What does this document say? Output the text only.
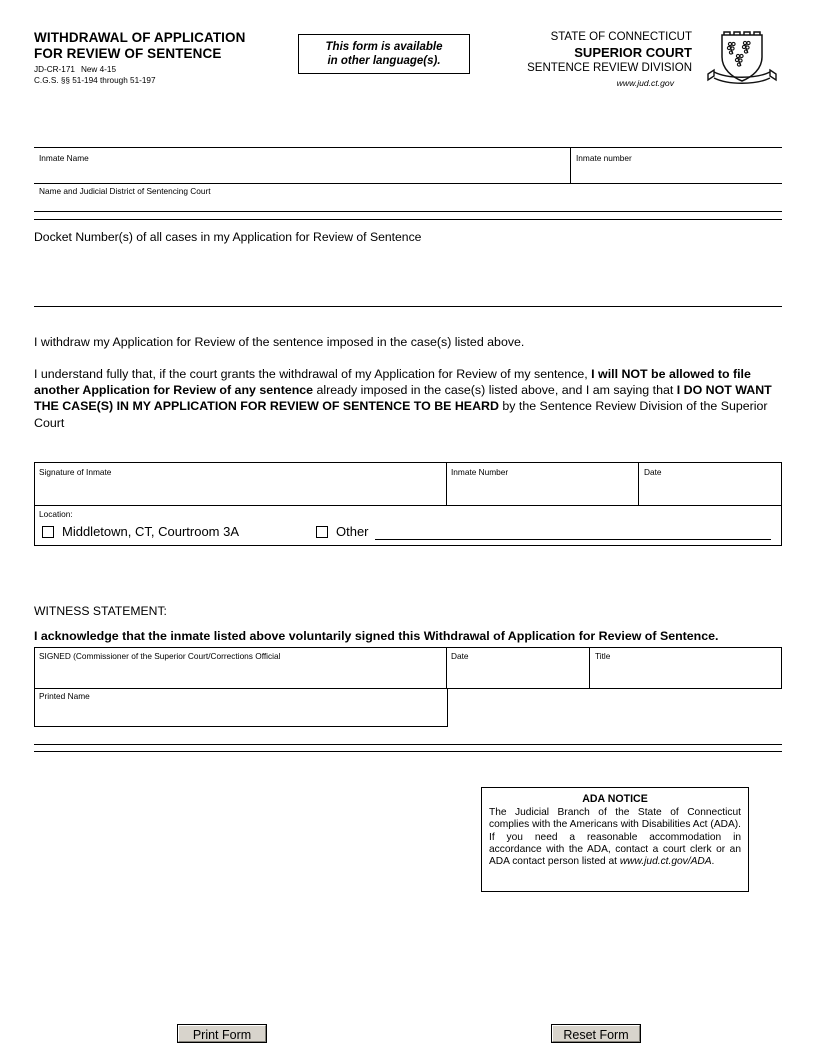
WITHDRAWAL OF APPLICATION
FOR REVIEW OF SENTENCE
JD-CR-171 New 4-15
C.G.S. §§ 51-194 through 51-197
This form is available
in other language(s).
STATE OF CONNECTICUT
SUPERIOR COURT
SENTENCE REVIEW DIVISION
www.jud.ct.gov
Inmate Name	Inmate number
Name and Judicial District of Sentencing Court
Docket Number(s) of all cases in my Application for Review of Sentence
I withdraw my Application for Review of the sentence imposed in the case(s) listed above.
I understand fully that, if the court grants the withdrawal of my Application for Review of my sentence, I will NOT be allowed to file another Application for Review of any sentence already imposed in the case(s) listed above, and I am saying that I DO NOT WANT THE CASE(S) IN MY APPLICATION FOR REVIEW OF SENTENCE TO BE HEARD by the Sentence Review Division of the Superior Court
Signature of Inmate	Inmate Number	Date
Location:
Middletown, CT, Courtroom 3A	Other
WITNESS STATEMENT:
I acknowledge that the inmate listed above voluntarily signed this Withdrawal of Application for Review of Sentence.
SIGNED (Commissioner of the Superior Court/Corrections Official	Date	Title
Printed Name
ADA NOTICE
The Judicial Branch of the State of Connecticut complies with the Americans with Disabilities Act (ADA). If you need a reasonable accommodation in accordance with the ADA, contact a court clerk or an ADA contact person listed at www.jud.ct.gov/ADA.
Print Form	Reset Form
